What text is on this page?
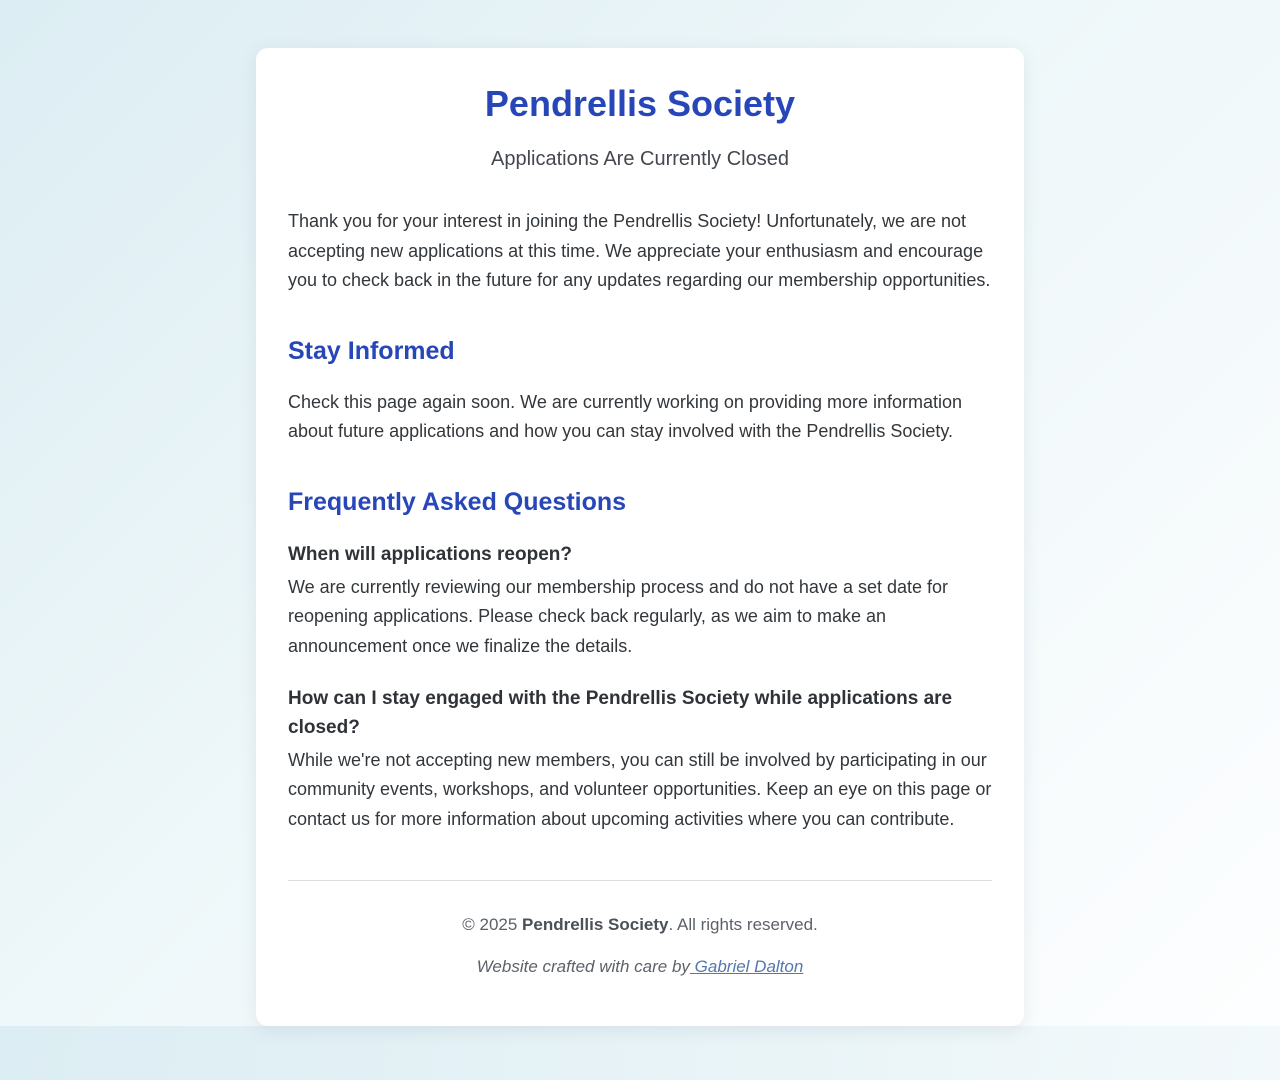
Pendrellis Society
Applications Are Currently Closed

Thank you for your interest in joining the Pendrellis Society! Unfortunately, we are not accepting new applications at this time. We appreciate your enthusiasm and encourage you to check back in the future for any updates regarding our membership opportunities.

Stay Informed

Check this page again soon. We are currently working on providing more information about future applications and how you can stay involved with the Pendrellis Society.

Frequently Asked Questions
When will applications reopen?

We are currently reviewing our membership process and do not have a set date for reopening applications. Please check back regularly, as we aim to make an announcement once we finalize the details.

How can I stay engaged with the Pendrellis Society while applications are closed?

While we're not accepting new members, you can still be involved by participating in our community events, workshops, and volunteer opportunities. Keep an eye on this page or contact us for more information about upcoming activities where you can contribute.

© 2025 Pendrellis Society. All rights reserved.
Website crafted with care by Gabriel Dalton
